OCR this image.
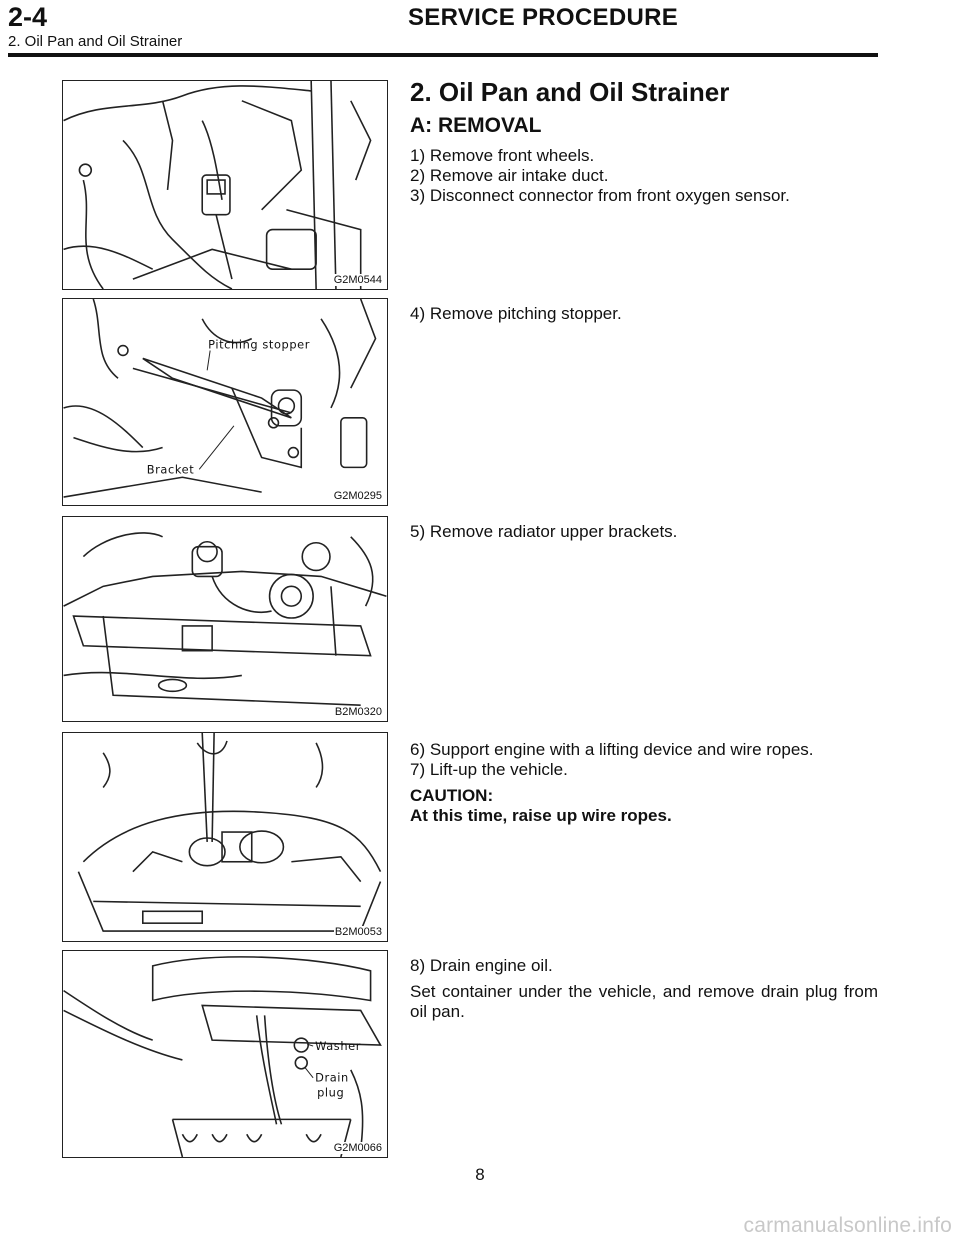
2-4	SERVICE PROCEDURE
2. Oil Pan and Oil Strainer
G2M0544
Pitching stopper
Bracket
G2M0295
B2M0320
B2M0053
Washer
Drain
plug
G2M0066
2. Oil Pan and Oil Strainer
A: REMOVAL
1) Remove front wheels.
2) Remove air intake duct.
3) Disconnect connector from front oxygen sensor.
4) Remove pitching stopper.
5) Remove radiator upper brackets.
6) Support engine with a lifting device and wire ropes.
7) Lift-up the vehicle.
CAUTION:
At this time, raise up wire ropes.
8) Drain engine oil.
Set container under the vehicle, and remove drain plug from oil pan.
8
carmanualsonline.info
